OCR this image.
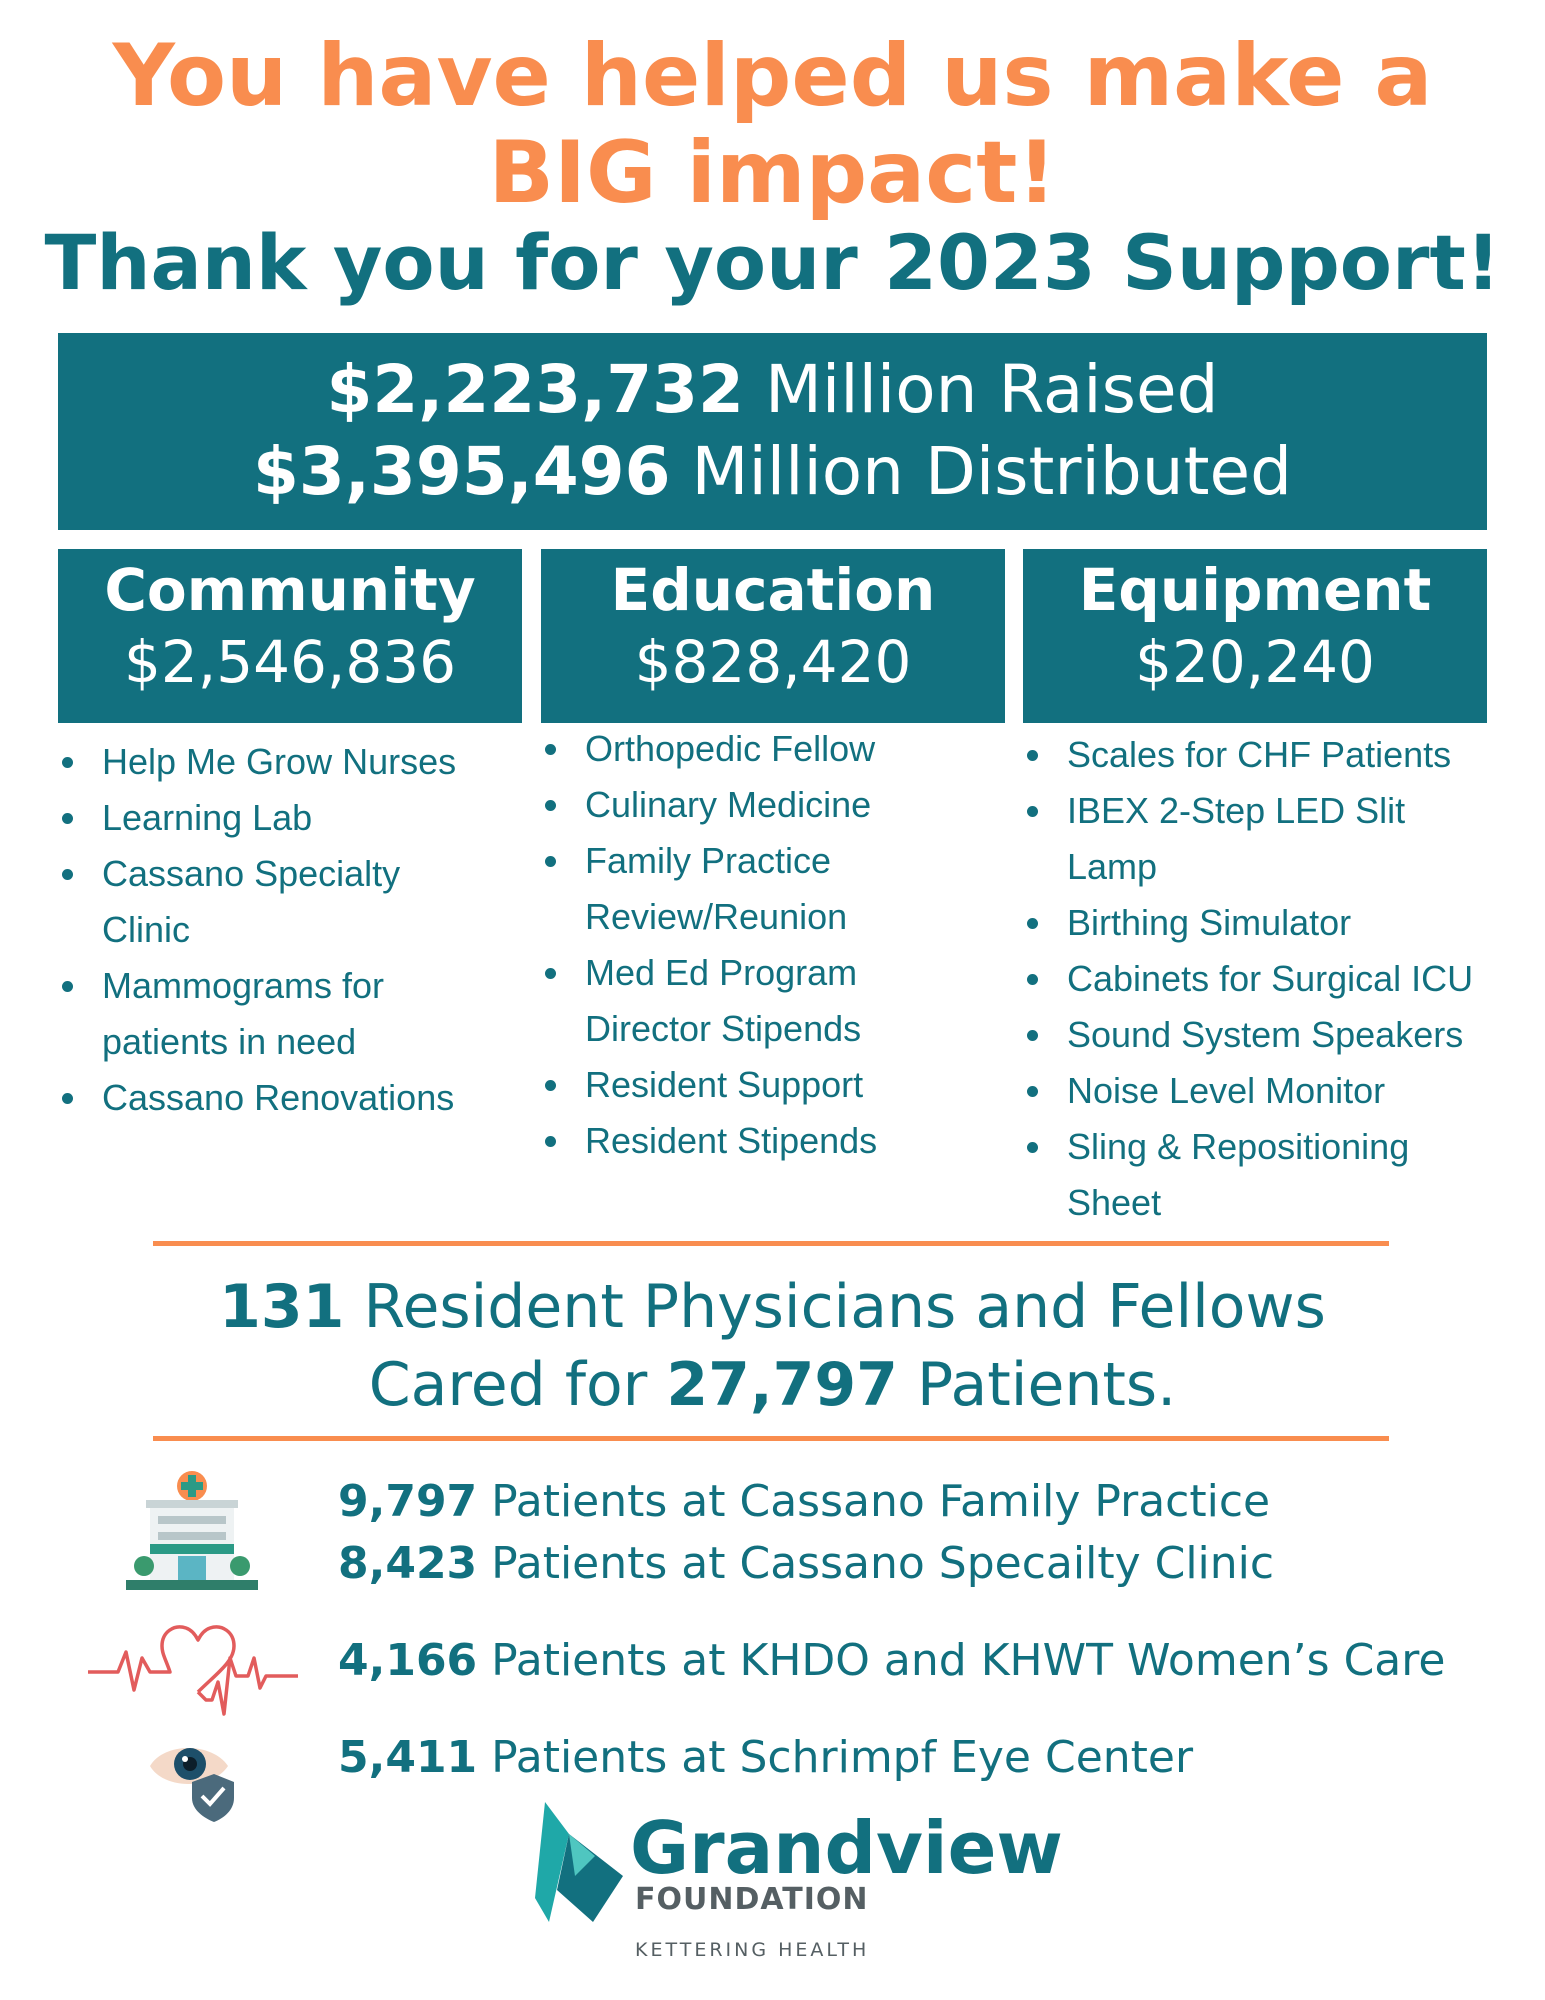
You have helped us make a
BIG impact!
Thank you for your 2023 Support!
$2,223,732 Million Raised
$3,395,496 Million Distributed
Community
$2,546,836
Education
$828,420
Equipment
$20,240
Help Me Grow Nurses
Learning Lab
Cassano Specialty Clinic
Mammograms for patients in need
Cassano Renovations
Orthopedic Fellow
Culinary Medicine
Family Practice Review/Reunion
Med Ed Program Director Stipends
Resident Support
Resident Stipends
Scales for CHF Patients
IBEX 2-Step LED Slit Lamp
Birthing Simulator
Cabinets for Surgical ICU
Sound System Speakers
Noise Level Monitor
Sling & Repositioning Sheet
131 Resident Physicians and Fellows
Cared for 27,797 Patients.
9,797 Patients at Cassano Family Practice
8,423 Patients at Cassano Specailty Clinic
4,166 Patients at KHDO and KHWT Women’s Care
5,411 Patients at Schrimpf Eye Center
Grandview
FOUNDATION
KETTERING HEALTH
